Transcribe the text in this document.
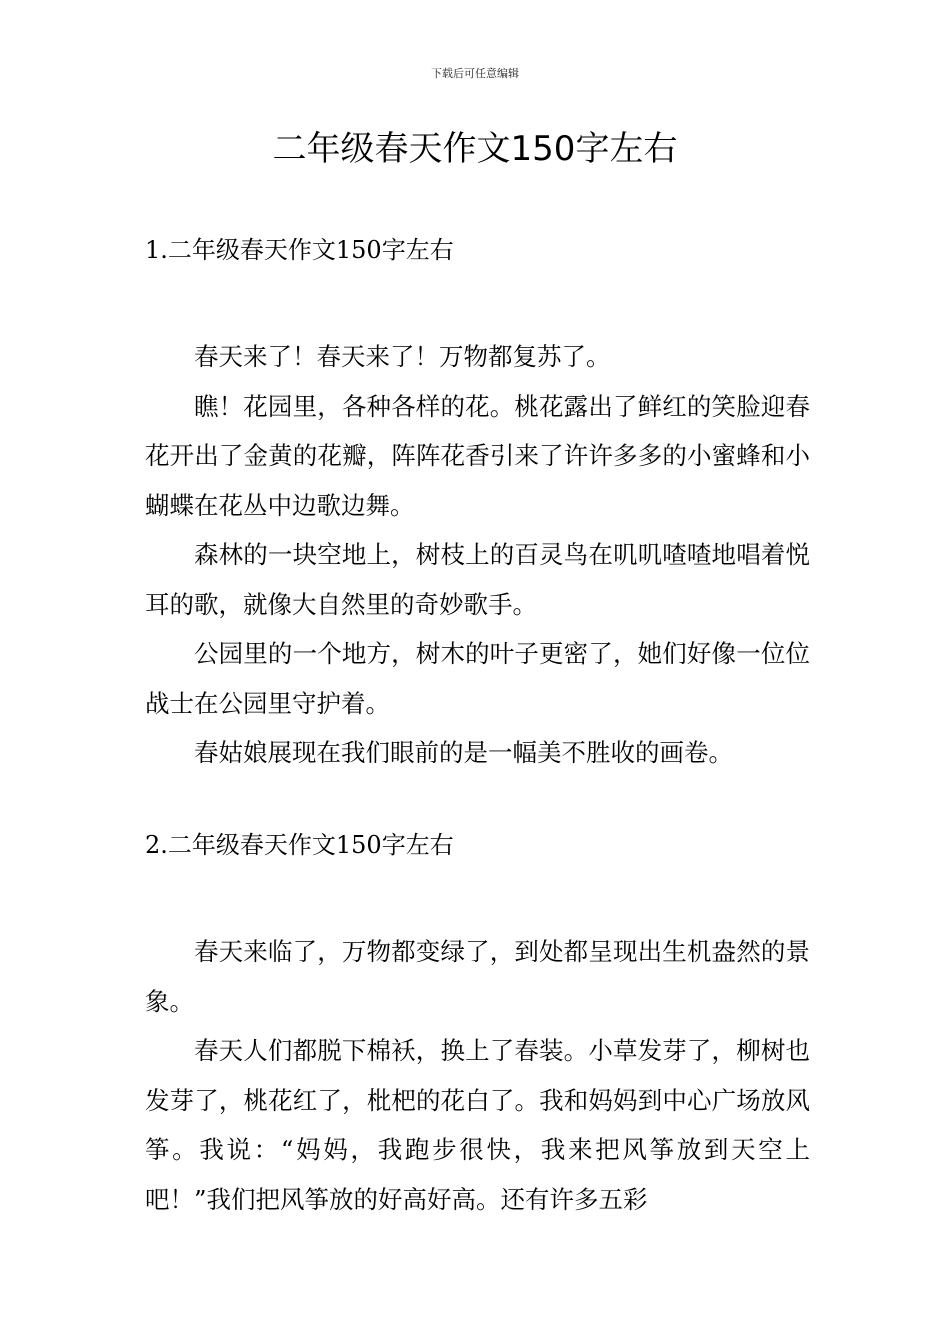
下载后可任意编辑
二年级春天作文150字左右
1.二年级春天作文150字左右

春天来了！春天来了！万物都复苏了。

瞧！花园里，各种各样的花。桃花露出了鲜红的笑脸迎春花开出了金黄的花瓣，阵阵花香引来了许许多多的小蜜蜂和小蝴蝶在花丛中边歌边舞。

森林的一块空地上，树枝上的百灵鸟在叽叽喳喳地唱着悦耳的歌，就像大自然里的奇妙歌手。

公园里的一个地方，树木的叶子更密了，她们好像一位位战士在公园里守护着。

春姑娘展现在我们眼前的是一幅美不胜收的画卷。

2.二年级春天作文150字左右

春天来临了，万物都变绿了，到处都呈现出生机盎然的景象。

春天人们都脱下棉袄，换上了春装。小草发芽了，柳树也发芽了，桃花红了，枇杷的花白了。我和妈妈到中心广场放风筝。我说：“妈妈，我跑步很快，我来把风筝放到天空上吧！”我们把风筝放的好高好高。还有许多五彩
